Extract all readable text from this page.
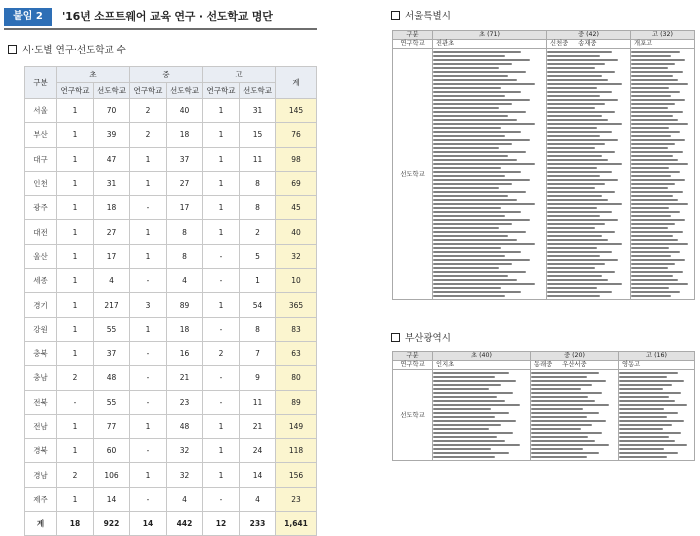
붙임 2	'16년 소프트웨어 교육 연구 · 선도학교 명단
시·도별 연구·선도학교 수
구분	초		중		고		계
	연구학교	선도학교	연구학교	선도학교	연구학교	선도학교	
서울	1	70	2	40	1	31	145
부산	1	39	2	18	1	15	76
대구	1	47	1	37	1	11	98
인천	1	31	1	27	1	8	69
광주	1	18	-	17	1	8	45
대전	1	27	1	8	1	2	40
울산	1	17	1	8	-	5	32
세종	1	4	-	4	-	1	10
경기	1	217	3	89	1	54	365
강원	1	55	1	18	-	8	83
충북	1	37	-	16	2	7	63
충남	2	48	-	21	-	9	80
전북	-	55	-	23	-	11	89
전남	1	77	1	48	1	21	149
경북	1	60	-	32	1	24	118
경남	2	106	1	32	1	14	156
제주	1	14	-	4	-	4	23
계	18	922	14	442	12	233	1,641
서울특별시
구분	초 (71)	중 (42)	고 (32)
연구학교	진관초	신천중 송재중	개포고
선도학교	

부산광역시
구분	초 (40)	중 (20)	고 (16)
연구학교	인지초	동래중 우산서중	영동고
선도학교	
